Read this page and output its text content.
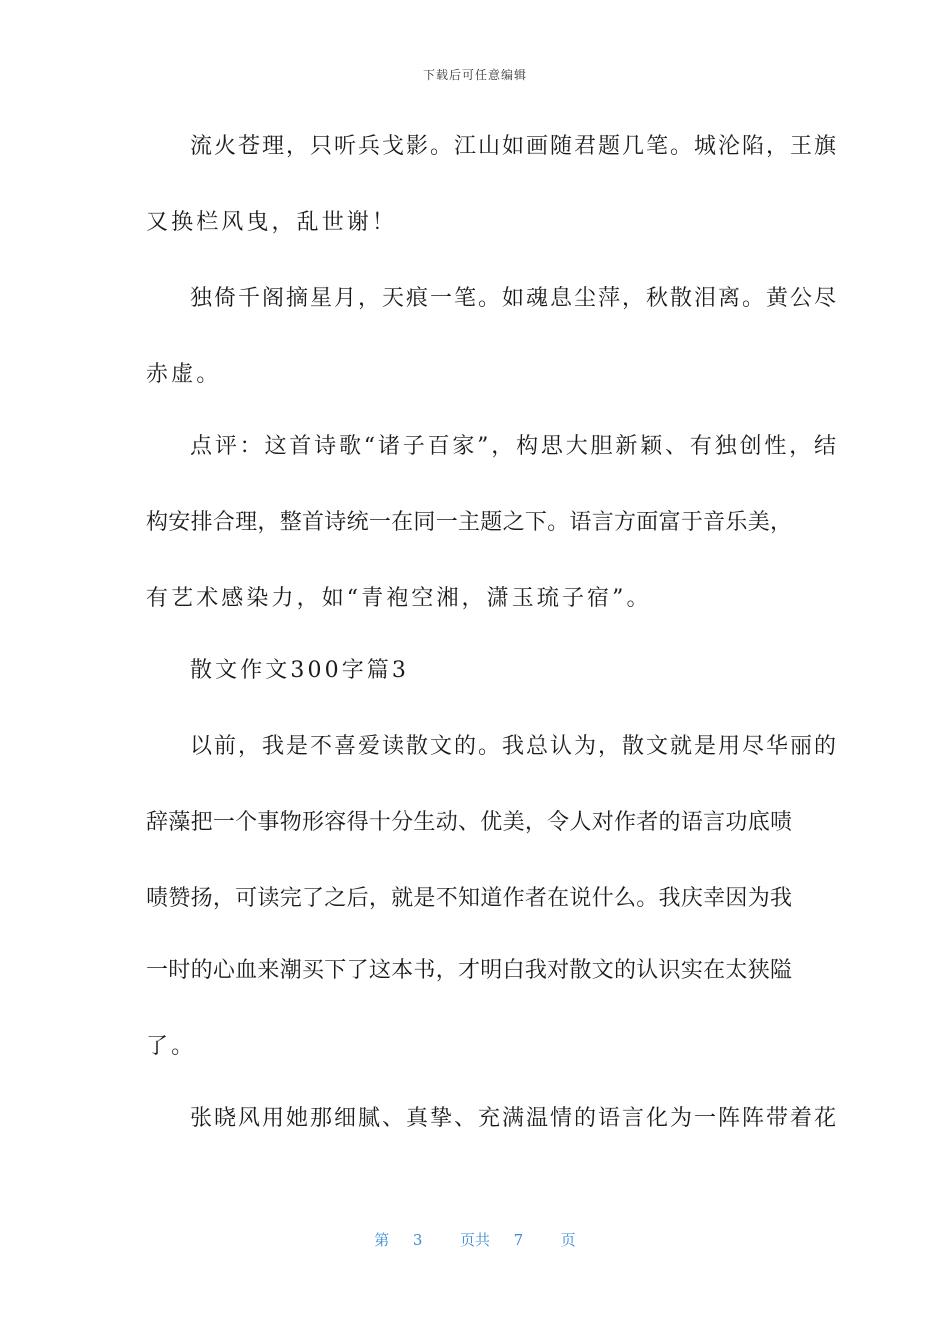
下载后可任意编辑
流火苍理，只听兵戈影。江山如画随君题几笔。城沦陷，王旗
又换栏风曳，乱世谢！
独倚千阁摘星月，天痕一笔。如魂息尘萍，秋散泪离。黄公尽
赤虚。
点评：这首诗歌“诸子百家”，构思大胆新颖、有独创性，结
构安排合理，整首诗统一在同一主题之下。语言方面富于音乐美，
有艺术感染力，如“青袍空湘，潇玉琉子宿”。
散文作文300字篇3
以前，我是不喜爱读散文的。我总认为，散文就是用尽华丽的
辞藻把一个事物形容得十分生动、优美，令人对作者的语言功底啧
啧赞扬，可读完了之后，就是不知道作者在说什么。我庆幸因为我
一时的心血来潮买下了这本书，才明白我对散文的认识实在太狭隘
了。
张晓风用她那细腻、真挚、充满温情的语言化为一阵阵带着花
第 3	页共 7	页
